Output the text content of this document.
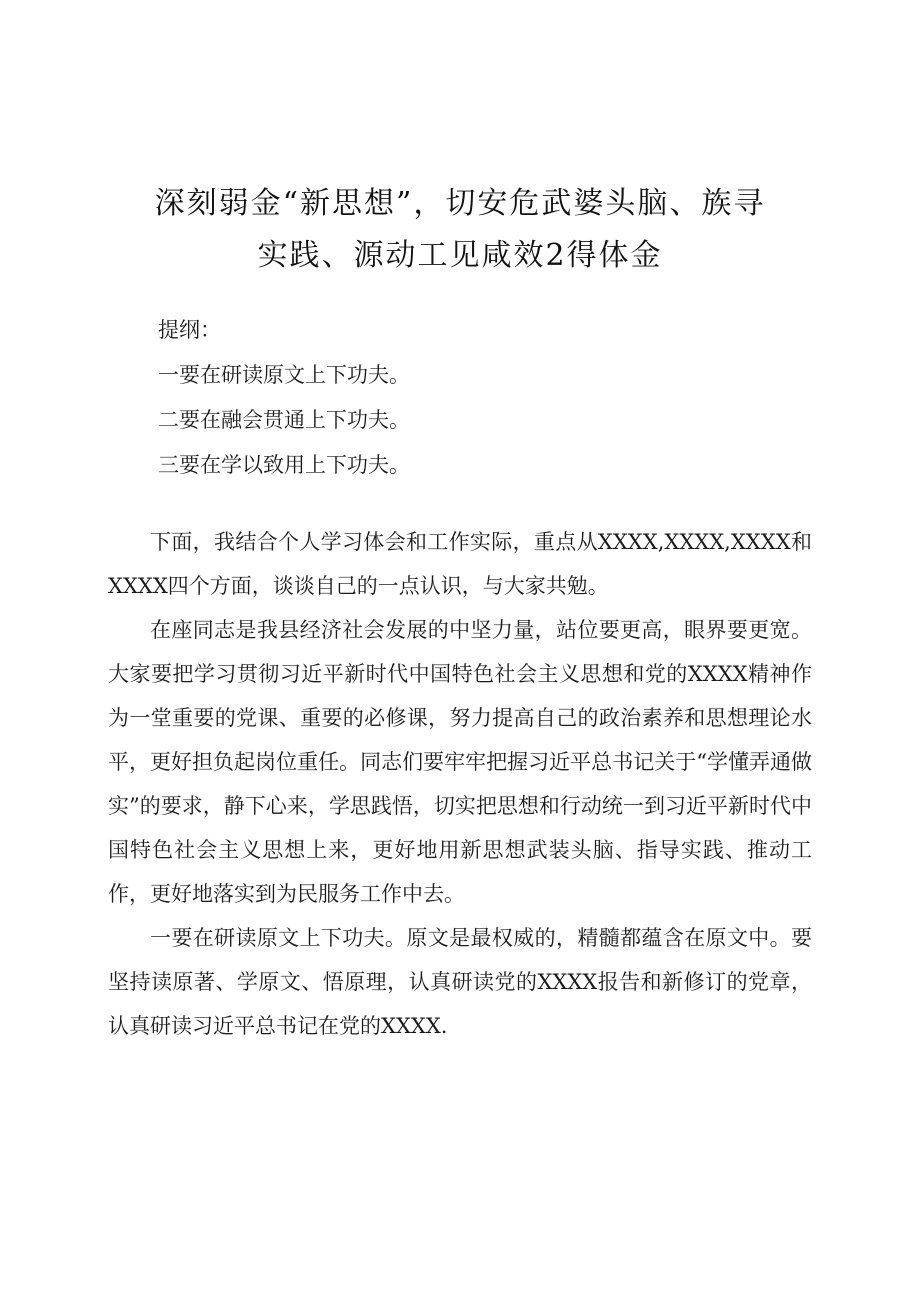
深刻弱金“新思想”，切安危武婆头脑、族寻
实践、源动工见咸效2得体金
提纲：
一要在研读原文上下功夫。
二要在融会贯通上下功夫。
三要在学以致用上下功夫。

下面，我结合个人学习体会和工作实际，重点从XXXX,XXXX,XXXX和XXXX四个方面，谈谈自己的一点认识，与大家共勉。

在座同志是我县经济社会发展的中坚力量，站位要更高，眼界要更宽。大家要把学习贯彻习近平新时代中国特色社会主义思想和党的XXXX精神作为一堂重要的党课、重要的必修课，努力提高自己的政治素养和思想理论水平，更好担负起岗位重任。同志们要牢牢把握习近平总书记关于“学懂弄通做实”的要求，静下心来，学思践悟，切实把思想和行动统一到习近平新时代中国特色社会主义思想上来，更好地用新思想武装头脑、指导实践、推动工作，更好地落实到为民服务工作中去。

一要在研读原文上下功夫。原文是最权威的，精髓都蕴含在原文中。要坚持读原著、学原文、悟原理，认真研读党的XXXX报告和新修订的党章，认真研读习近平总书记在党的XXXX.
